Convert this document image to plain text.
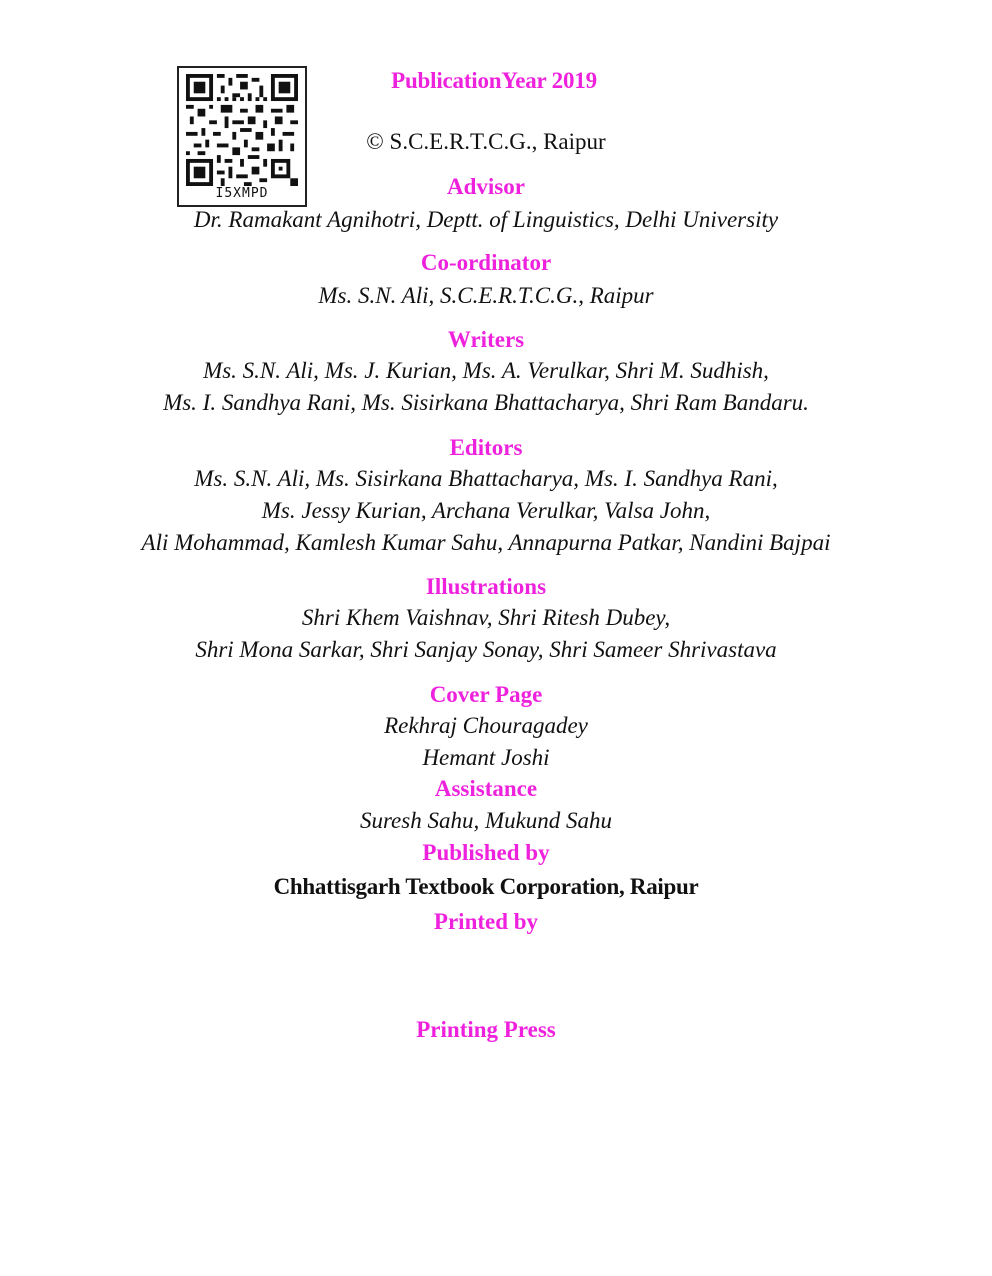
I5XMPD
PublicationYear 2019
© S.C.E.R.T.C.G., Raipur
Advisor
Dr. Ramakant Agnihotri, Deptt. of Linguistics, Delhi University
Co-ordinator
Ms. S.N. Ali, S.C.E.R.T.C.G., Raipur
Writers
Ms. S.N. Ali, Ms. J. Kurian, Ms. A. Verulkar, Shri M. Sudhish,
Ms. I. Sandhya Rani, Ms. Sisirkana Bhattacharya, Shri Ram Bandaru.
Editors
Ms. S.N. Ali, Ms. Sisirkana Bhattacharya, Ms. I. Sandhya Rani,
Ms. Jessy Kurian, Archana Verulkar, Valsa John,
Ali Mohammad, Kamlesh Kumar Sahu, Annapurna Patkar, Nandini Bajpai
Illustrations
Shri Khem Vaishnav, Shri Ritesh Dubey,
Shri Mona Sarkar, Shri Sanjay Sonay, Shri Sameer Shrivastava
Cover Page
Rekhraj Chouragadey
Hemant Joshi
Assistance
Suresh Sahu, Mukund Sahu
Published by
Chhattisgarh Textbook Corporation, Raipur
Printed by
Printing Press
